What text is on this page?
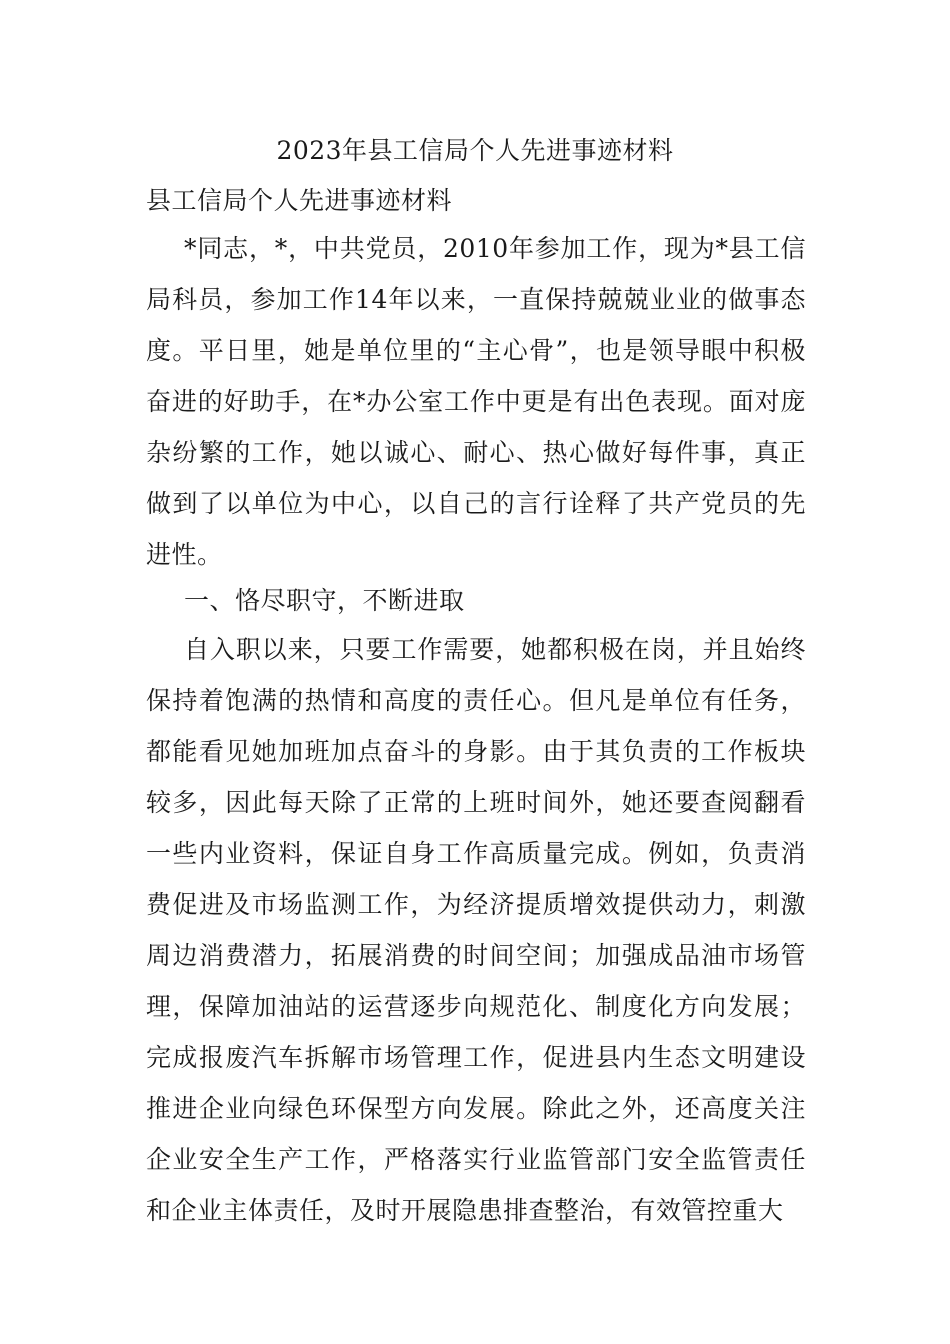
2023年县工信局个人先进事迹材料

县工信局个人先进事迹材料

*同志，*，中共党员，2010年参加工作，现为*县工信局科员，参加工作14年以来，一直保持兢兢业业的做事态度。平日里，她是单位里的“主心骨”，也是领导眼中积极奋进的好助手，在*办公室工作中更是有出色表现。面对庞杂纷繁的工作，她以诚心、耐心、热心做好每件事，真正做到了以单位为中心，以自己的言行诠释了共产党员的先进性。

一、恪尽职守，不断进取

自入职以来，只要工作需要，她都积极在岗，并且始终保持着饱满的热情和高度的责任心。但凡是单位有任务，都能看见她加班加点奋斗的身影。由于其负责的工作板块较多，因此每天除了正常的上班时间外，她还要查阅翻看一些内业资料，保证自身工作高质量完成。例如，负责消费促进及市场监测工作，为经济提质增效提供动力，刺激周边消费潜力，拓展消费的时间空间；加强成品油市场管理，保障加油站的运营逐步向规范化、制度化方向发展；完成报废汽车拆解市场管理工作，促进县内生态文明建设推进企业向绿色环保型方向发展。除此之外，还高度关注企业安全生产工作，严格落实行业监管部门安全监管责任和企业主体责任，及时开展隐患排查整治，有效管控重大
